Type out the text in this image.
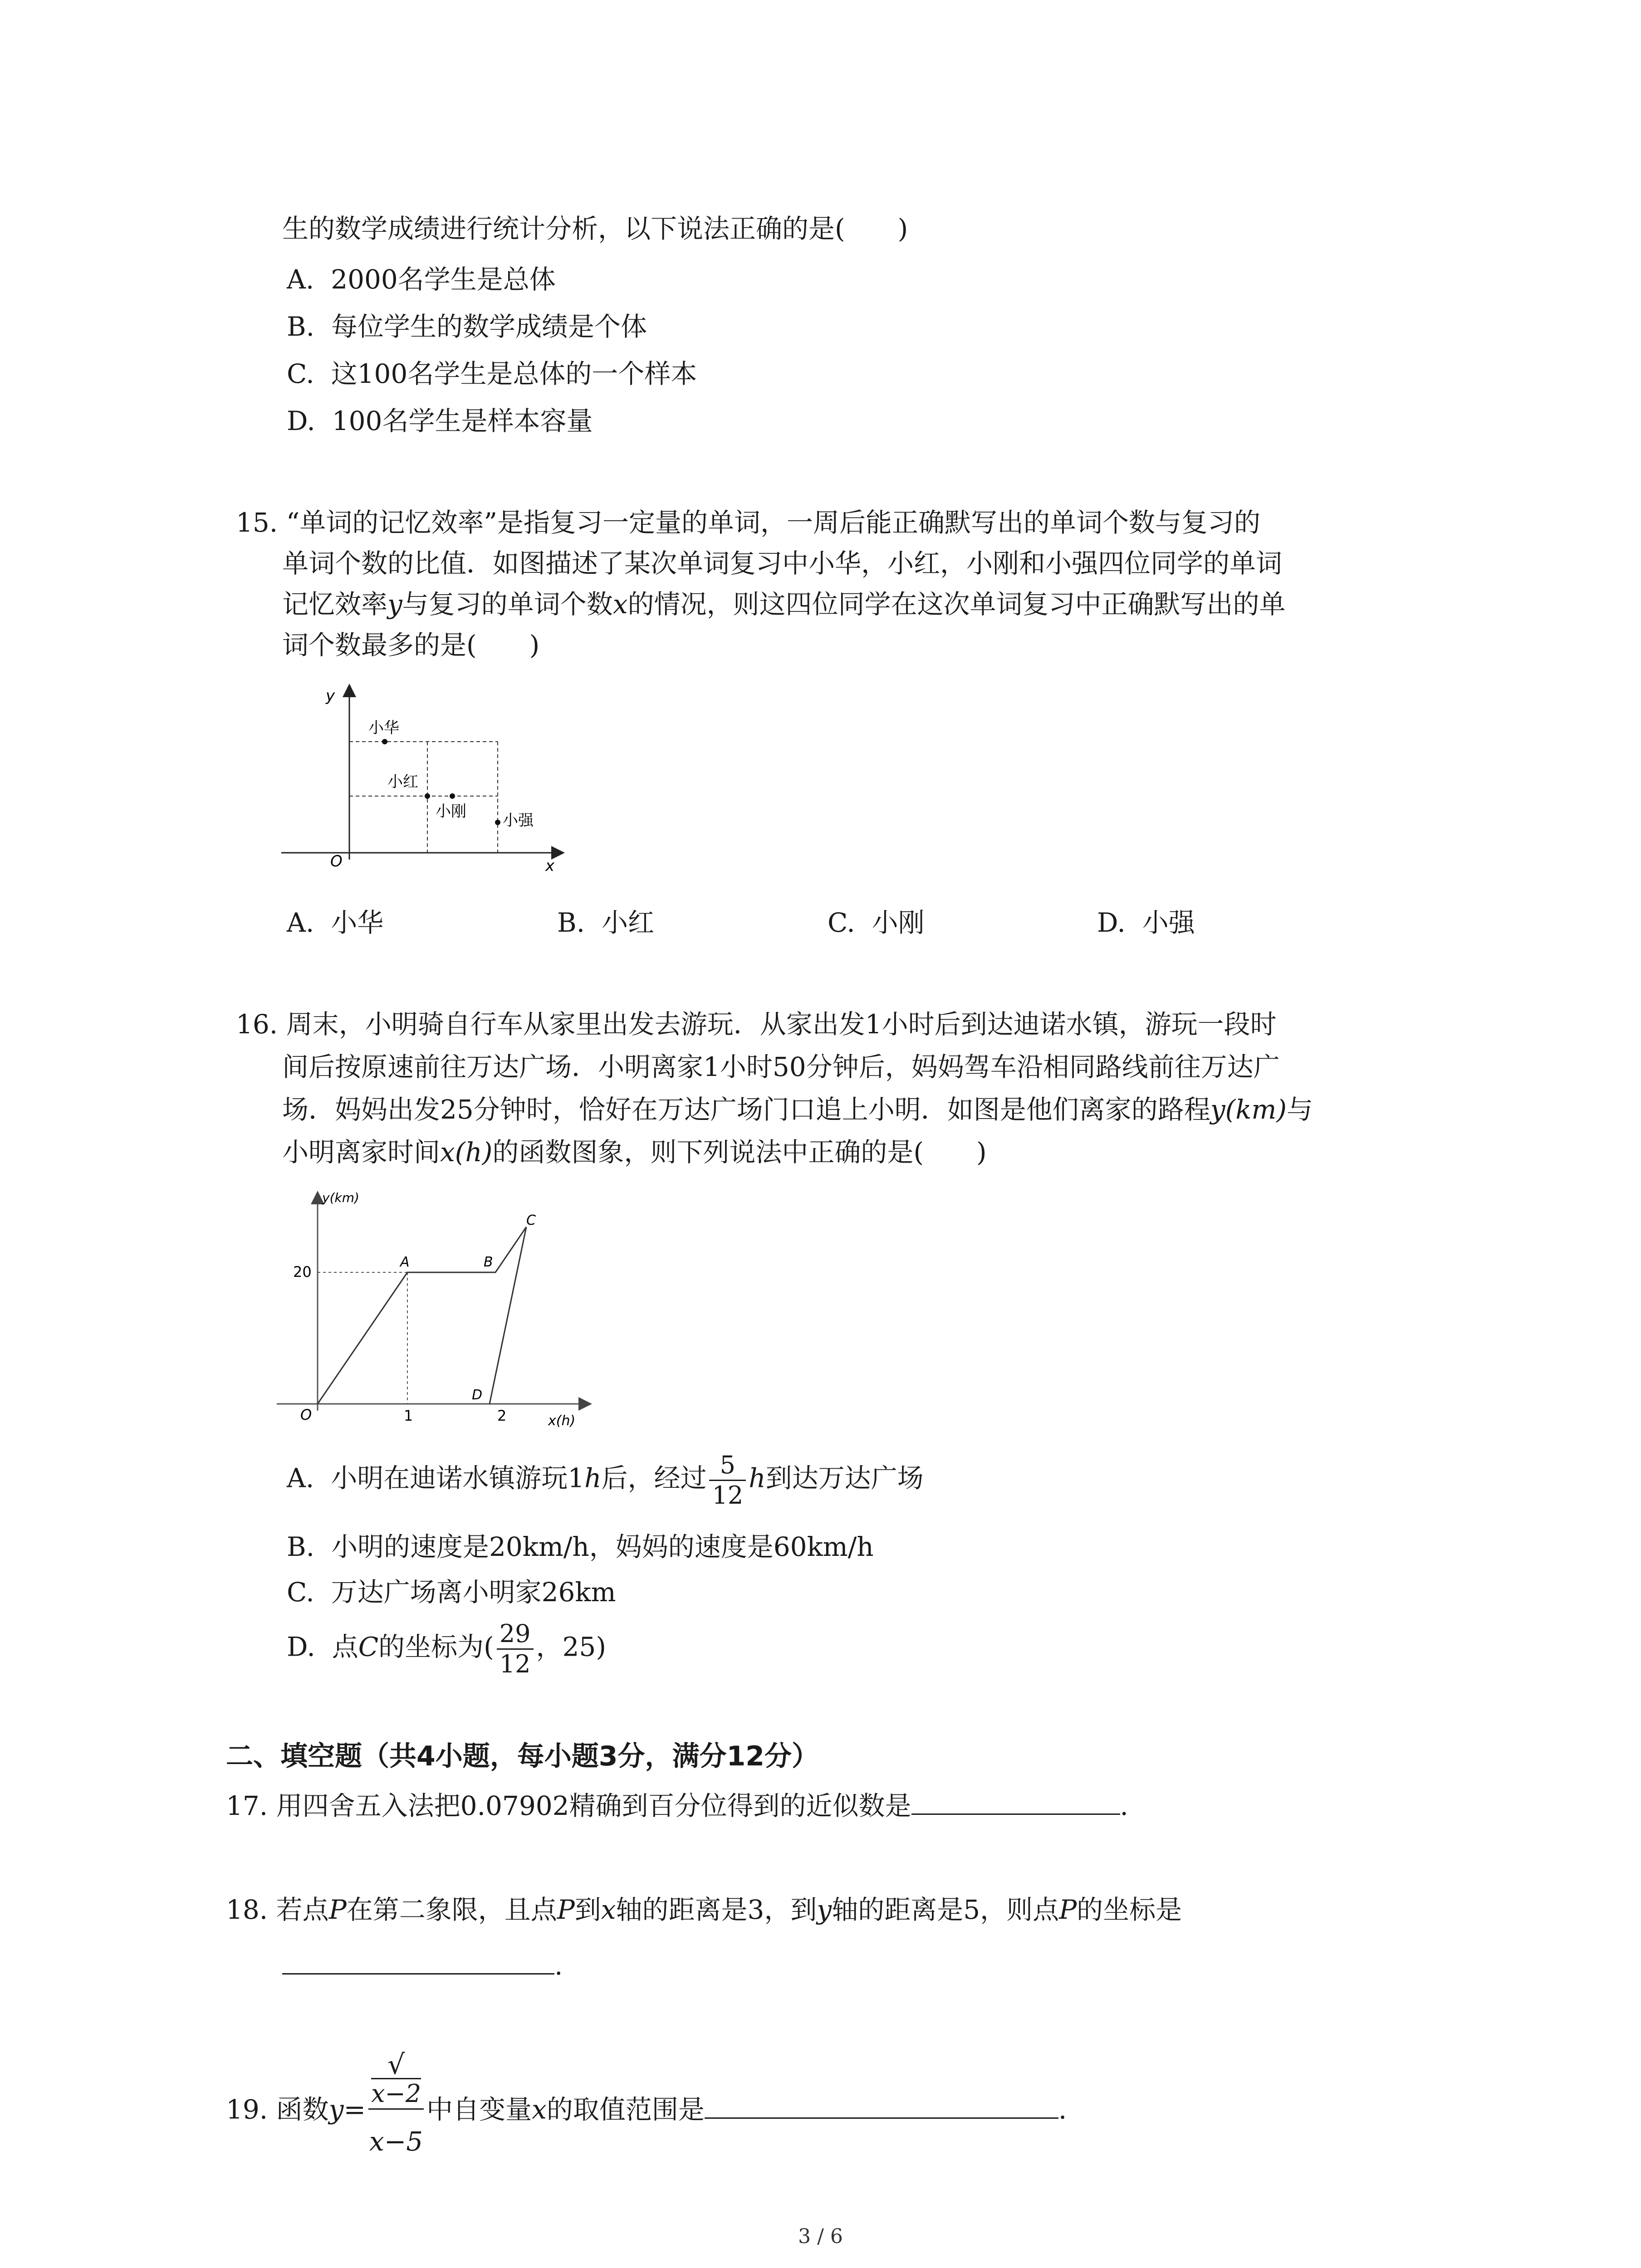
生的数学成绩进行统计分析，以下说法正确的是(　　)
A. 2000名学生是总体
B. 每位学生的数学成绩是个体
C. 这100名学生是总体的一个样本
D. 100名学生是样本容量
15. “单词的记忆效率”是指复习一定量的单词，一周后能正确默写出的单词个数与复习的
单词个数的比值．如图描述了某次单词复习中小华，小红，小刚和小强四位同学的单词
记忆效率y与复习的单词个数x的情况，则这四位同学在这次单词复习中正确默写出的单
词个数最多的是(　　)
y
x
O
小华
小红
小刚 小强
A. 小华	B. 小红	C. 小刚	D. 小强
16. 周末，小明骑自行车从家里出发去游玩．从家出发1小时后到达迪诺水镇，游玩一段时
间后按原速前往万达广场．小明离家1小时50分钟后，妈妈驾车沿相同路线前往万达广
场．妈妈出发25分钟时，恰好在万达广场门口追上小明．如图是他们离家的路程y(km)与
小明离家时间x(h)的函数图象，则下列说法中正确的是(　　)
y(km)
x(h)
O
20
1	2
A	B
C
D
A. 小明在迪诺水镇游玩1h后，经过 $\frac{5}{12}$ h到达万达广场
B. 小明的速度是20km/h，妈妈的速度是60km/h
C. 万达广场离小明家26km
D. 点C的坐标为( $\frac{29}{12}$ ，25)
二、填空题（共4小题，每小题3分，满分12分）
17. 用四舍五入法把0.07902精确到百分位得到的近似数是	.
18. 若点P在第二象限，且点P到x轴的距离是3，到y轴的距离是5，则点P的坐标是
.
19. 函数y= √
x−2
x−5 中自变量x的取值范围是	.
3 / 6
